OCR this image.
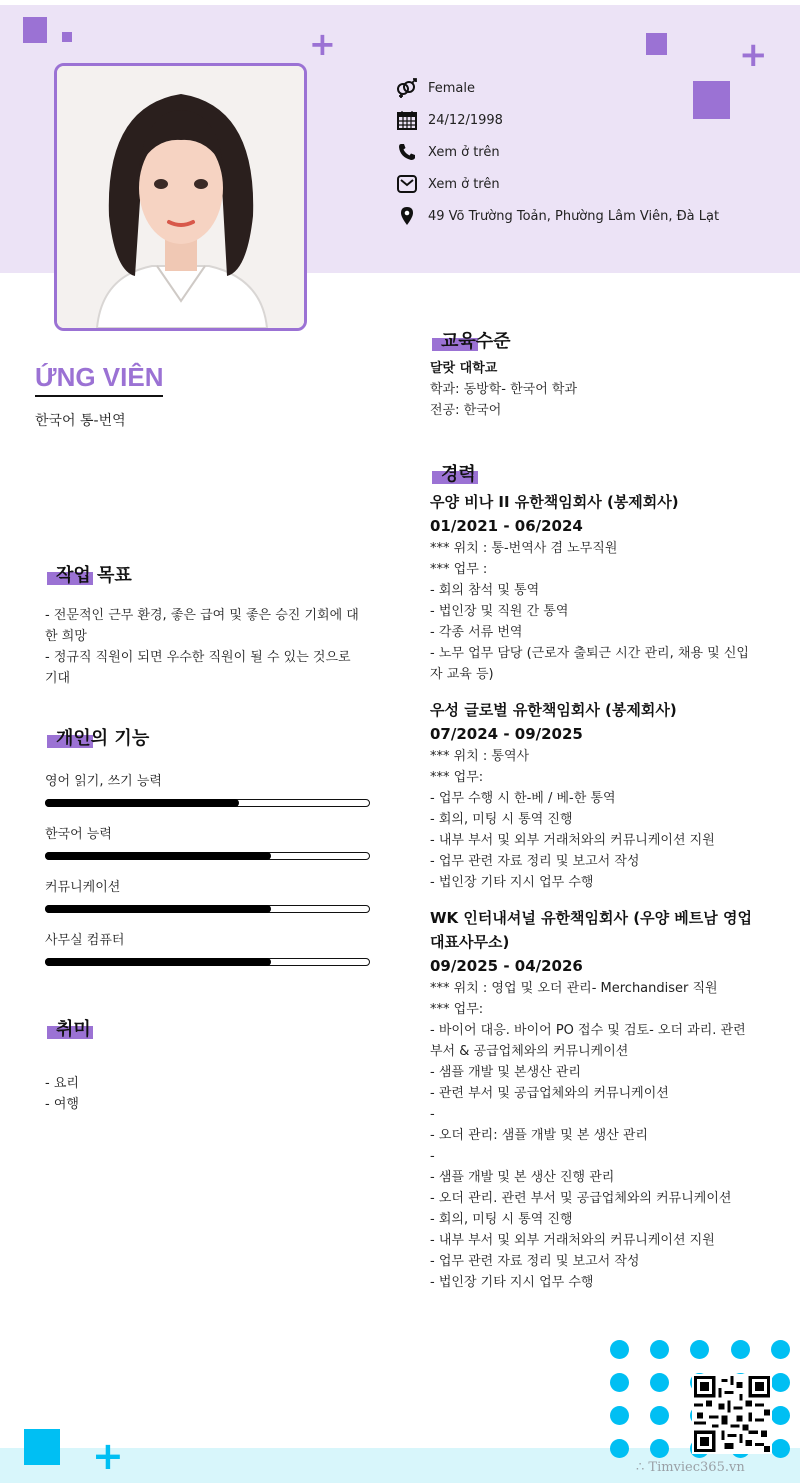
+	+
Female
24/12/1998
Xem ở trên
Xem ở trên
49 Võ Trường Toản, Phường Lâm Viên, Đà Lạt
ỨNG VIÊN
한국어 통-번역
작업 목표
- 전문적인 근무 환경, 좋은 급여 및 좋은 승진 기회에 대
한 희망
- 정규직 직원이 되면 우수한 직원이 될 수 있는 것으로
기대
개인의 기능
영어 읽기, 쓰기 능력
한국어 능력
커뮤니케이션
사무실 컴퓨터
취미
- 요리
- 여행
교육수준
달랏 대학교
학과: 동방학- 한국어 학과
전공: 한국어
경력
우양 비나 II 유한책임회사 (봉제회사)
01/2021 - 06/2024
*** 위치 : 통-번역사 겸 노무직원
*** 업무 :
- 회의 참석 및 통역
- 법인장 및 직원 간 통역
- 각종 서류 번역
- 노무 업무 담당 (근로자 출퇴근 시간 관리, 채용 및 신입
자 교육 등)
우성 글로벌 유한책임회사 (봉제회사)
07/2024 - 09/2025
*** 위치 : 통역사
*** 업무:
- 업무 수행 시 한-베 / 베-한 통역
- 회의, 미팅 시 통역 진행
- 내부 부서 및 외부 거래처와의 커뮤니케이션 지원
- 업무 관련 자료 정리 및 보고서 작성
- 법인장 기타 지시 업무 수행
WK 인터내셔널 유한책임회사 (우양 베트남 영업
대표사무소)
09/2025 - 04/2026
*** 위치 : 영업 및 오더 관리- Merchandiser 직원
*** 업무:
- 바이어 대응. 바이어 PO 접수 및 검토- 오더 과리. 관련
부서 & 공급업체와의 커뮤니케이션
- 샘플 개발 및 본생산 관리
- 관련 부서 및 공급업체와의 커뮤니케이션
-
- 오더 관리: 샘플 개발 및 본 생산 관리
-
- 샘플 개발 및 본 생산 진행 관리
- 오더 관리. 관련 부서 및 공급업체와의 커뮤니케이션
- 회의, 미팅 시 통역 진행
- 내부 부서 및 외부 거래처와의 커뮤니케이션 지원
- 업무 관련 자료 정리 및 보고서 작성
- 법인장 기타 지시 업무 수행
+	∴ Timviec365.vn
